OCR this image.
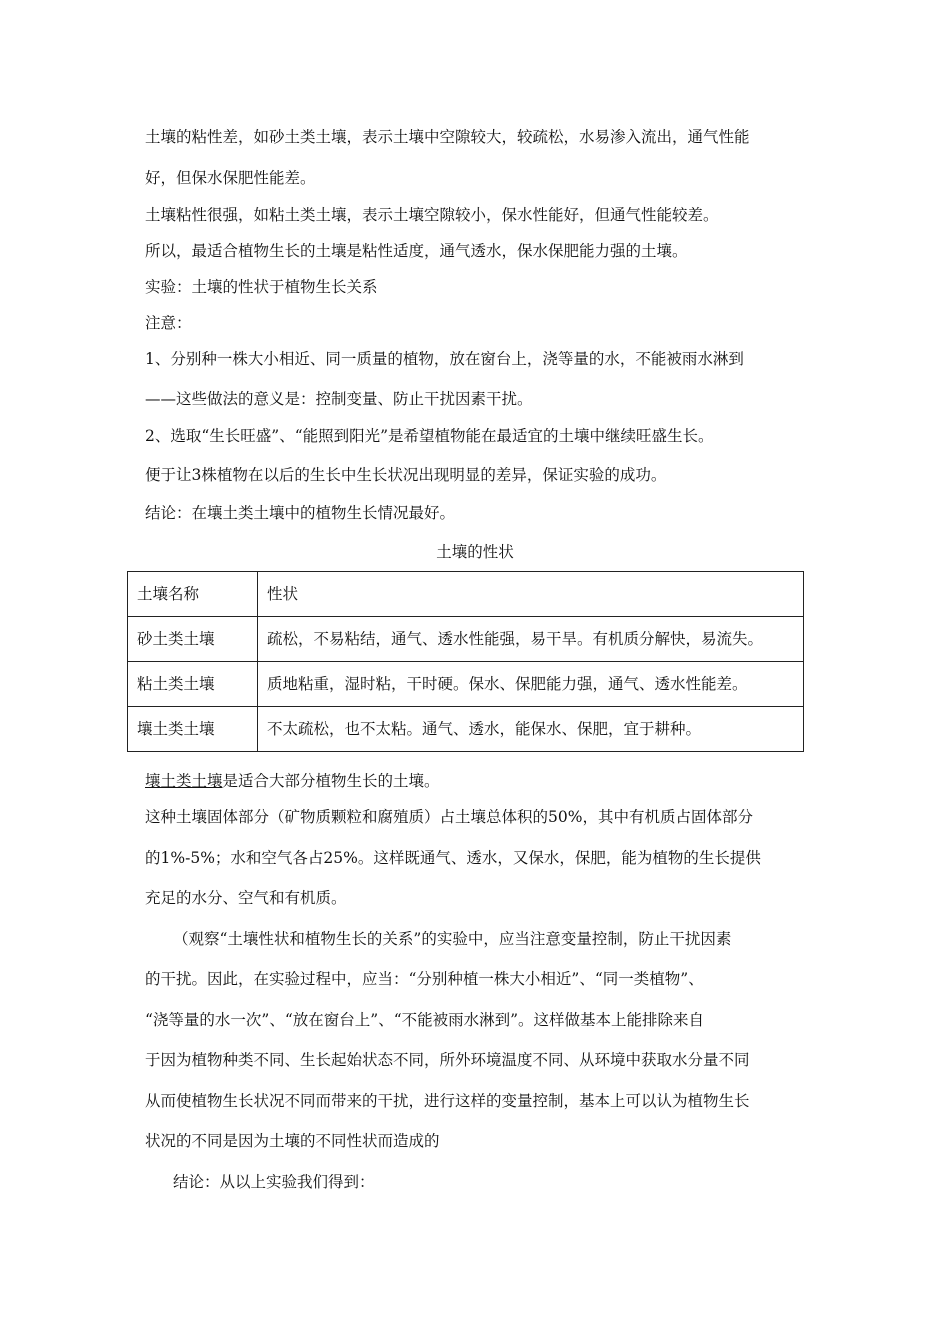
土壤的粘性差，如砂土类土壤，表示土壤中空隙较大，较疏松，水易渗入流出，通气性能
好，但保水保肥性能差。
土壤粘性很强，如粘土类土壤，表示土壤空隙较小，保水性能好，但通气性能较差。
所以，最适合植物生长的土壤是粘性适度，通气透水，保水保肥能力强的土壤。
实验：土壤的性状于植物生长关系
注意：
1、分别种一株大小相近、同一质量的植物，放在窗台上，浇等量的水，不能被雨水淋到
——这些做法的意义是：控制变量、防止干扰因素干扰。
2、选取“生长旺盛”、“能照到阳光”是希望植物能在最适宜的土壤中继续旺盛生长。
便于让3株植物在以后的生长中生长状况出现明显的差异，保证实验的成功。
结论：在壤土类土壤中的植物生长情况最好。
土壤的性状
土壤名称	性状
砂土类土壤	疏松，不易粘结，通气、透水性能强，易干旱。有机质分解快，易流失。
粘土类土壤	质地粘重，湿时粘，干时硬。保水、保肥能力强，通气、透水性能差。
壤土类土壤	不太疏松，也不太粘。通气、透水，能保水、保肥，宜于耕种。
壤土类土壤是适合大部分植物生长的土壤。
这种土壤固体部分（矿物质颗粒和腐殖质）占土壤总体积的50%，其中有机质占固体部分
的1%-5%；水和空气各占25%。这样既通气、透水，又保水，保肥，能为植物的生长提供
充足的水分、空气和有机质。
（观察“土壤性状和植物生长的关系”的实验中，应当注意变量控制，防止干扰因素
的干扰。因此，在实验过程中，应当：“分别种植一株大小相近”、“同一类植物”、
“浇等量的水一次”、“放在窗台上”、“不能被雨水淋到”。这样做基本上能排除来自
于因为植物种类不同、生长起始状态不同，所外环境温度不同、从环境中获取水分量不同
从而使植物生长状况不同而带来的干扰，进行这样的变量控制，基本上可以认为植物生长
状况的不同是因为土壤的不同性状而造成的
结论：从以上实验我们得到：
